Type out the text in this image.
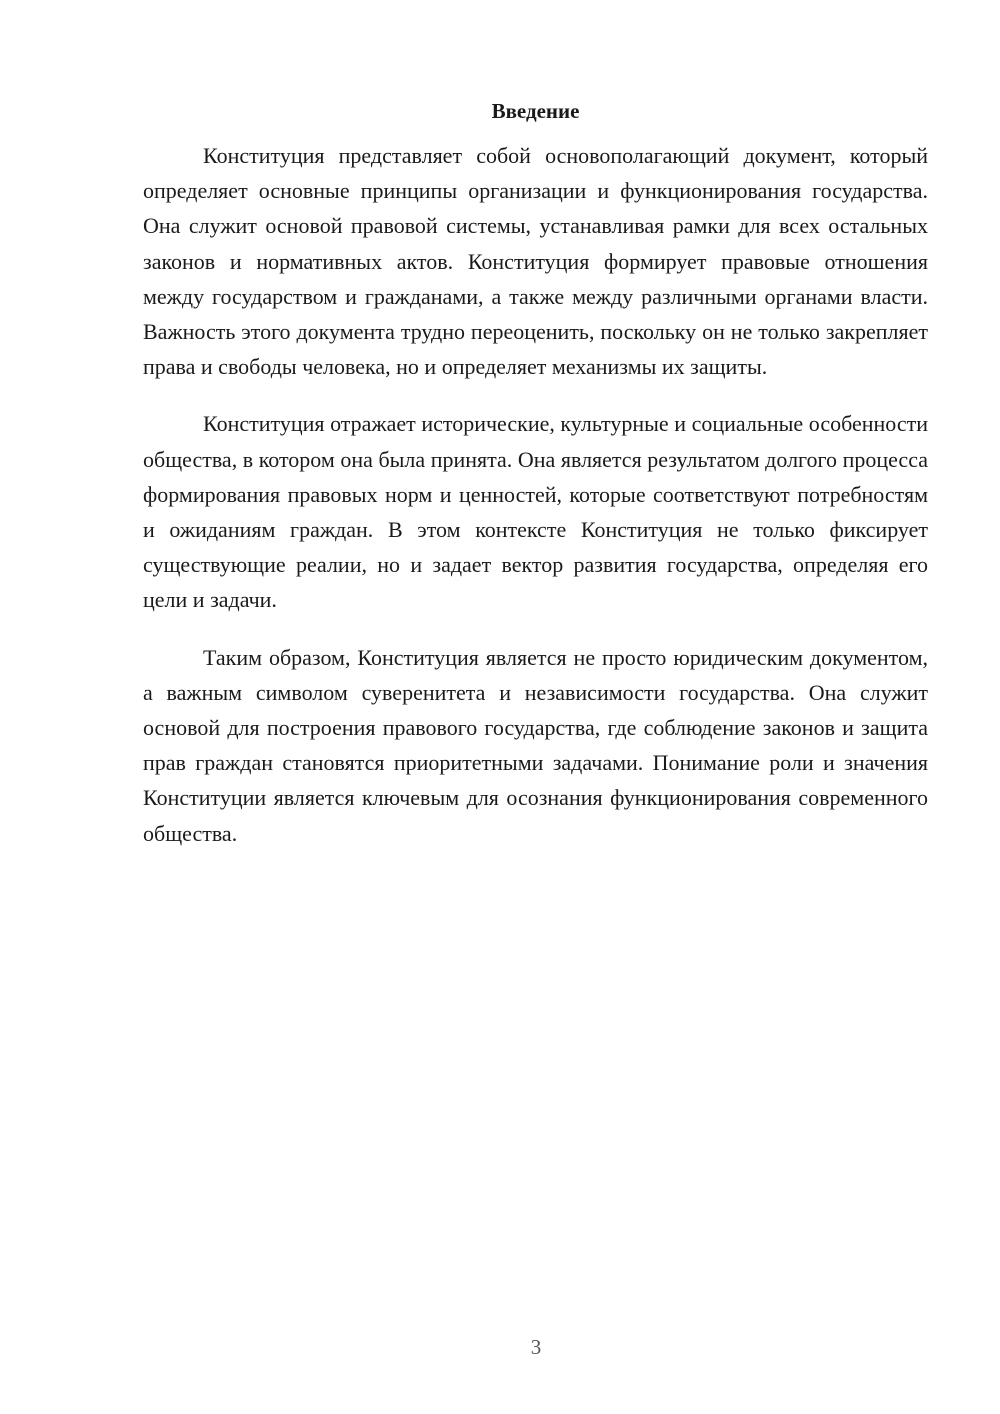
Введение

Конституция представляет собой основополагающий документ, который определяет основные принципы организации и функционирования государства. Она служит основой правовой системы, устанавливая рамки для всех остальных законов и нормативных актов. Конституция формирует правовые отношения между государством и гражданами, а также между различными органами власти. Важность этого документа трудно переоценить, поскольку он не только закрепляет права и свободы человека, но и определяет механизмы их защиты.

Конституция отражает исторические, культурные и социальные особенности общества, в котором она была принята. Она является результатом долгого процесса формирования правовых норм и ценностей, которые соответствуют потребностям и ожиданиям граждан. В этом контексте Конституция не только фиксирует существующие реалии, но и задает вектор развития государства, определяя его цели и задачи.

Таким образом, Конституция является не просто юридическим документом, а важным символом суверенитета и независимости государства. Она служит основой для построения правового государства, где соблюдение законов и защита прав граждан становятся приоритетными задачами. Понимание роли и значения Конституции является ключевым для осознания функционирования современного общества.

3
